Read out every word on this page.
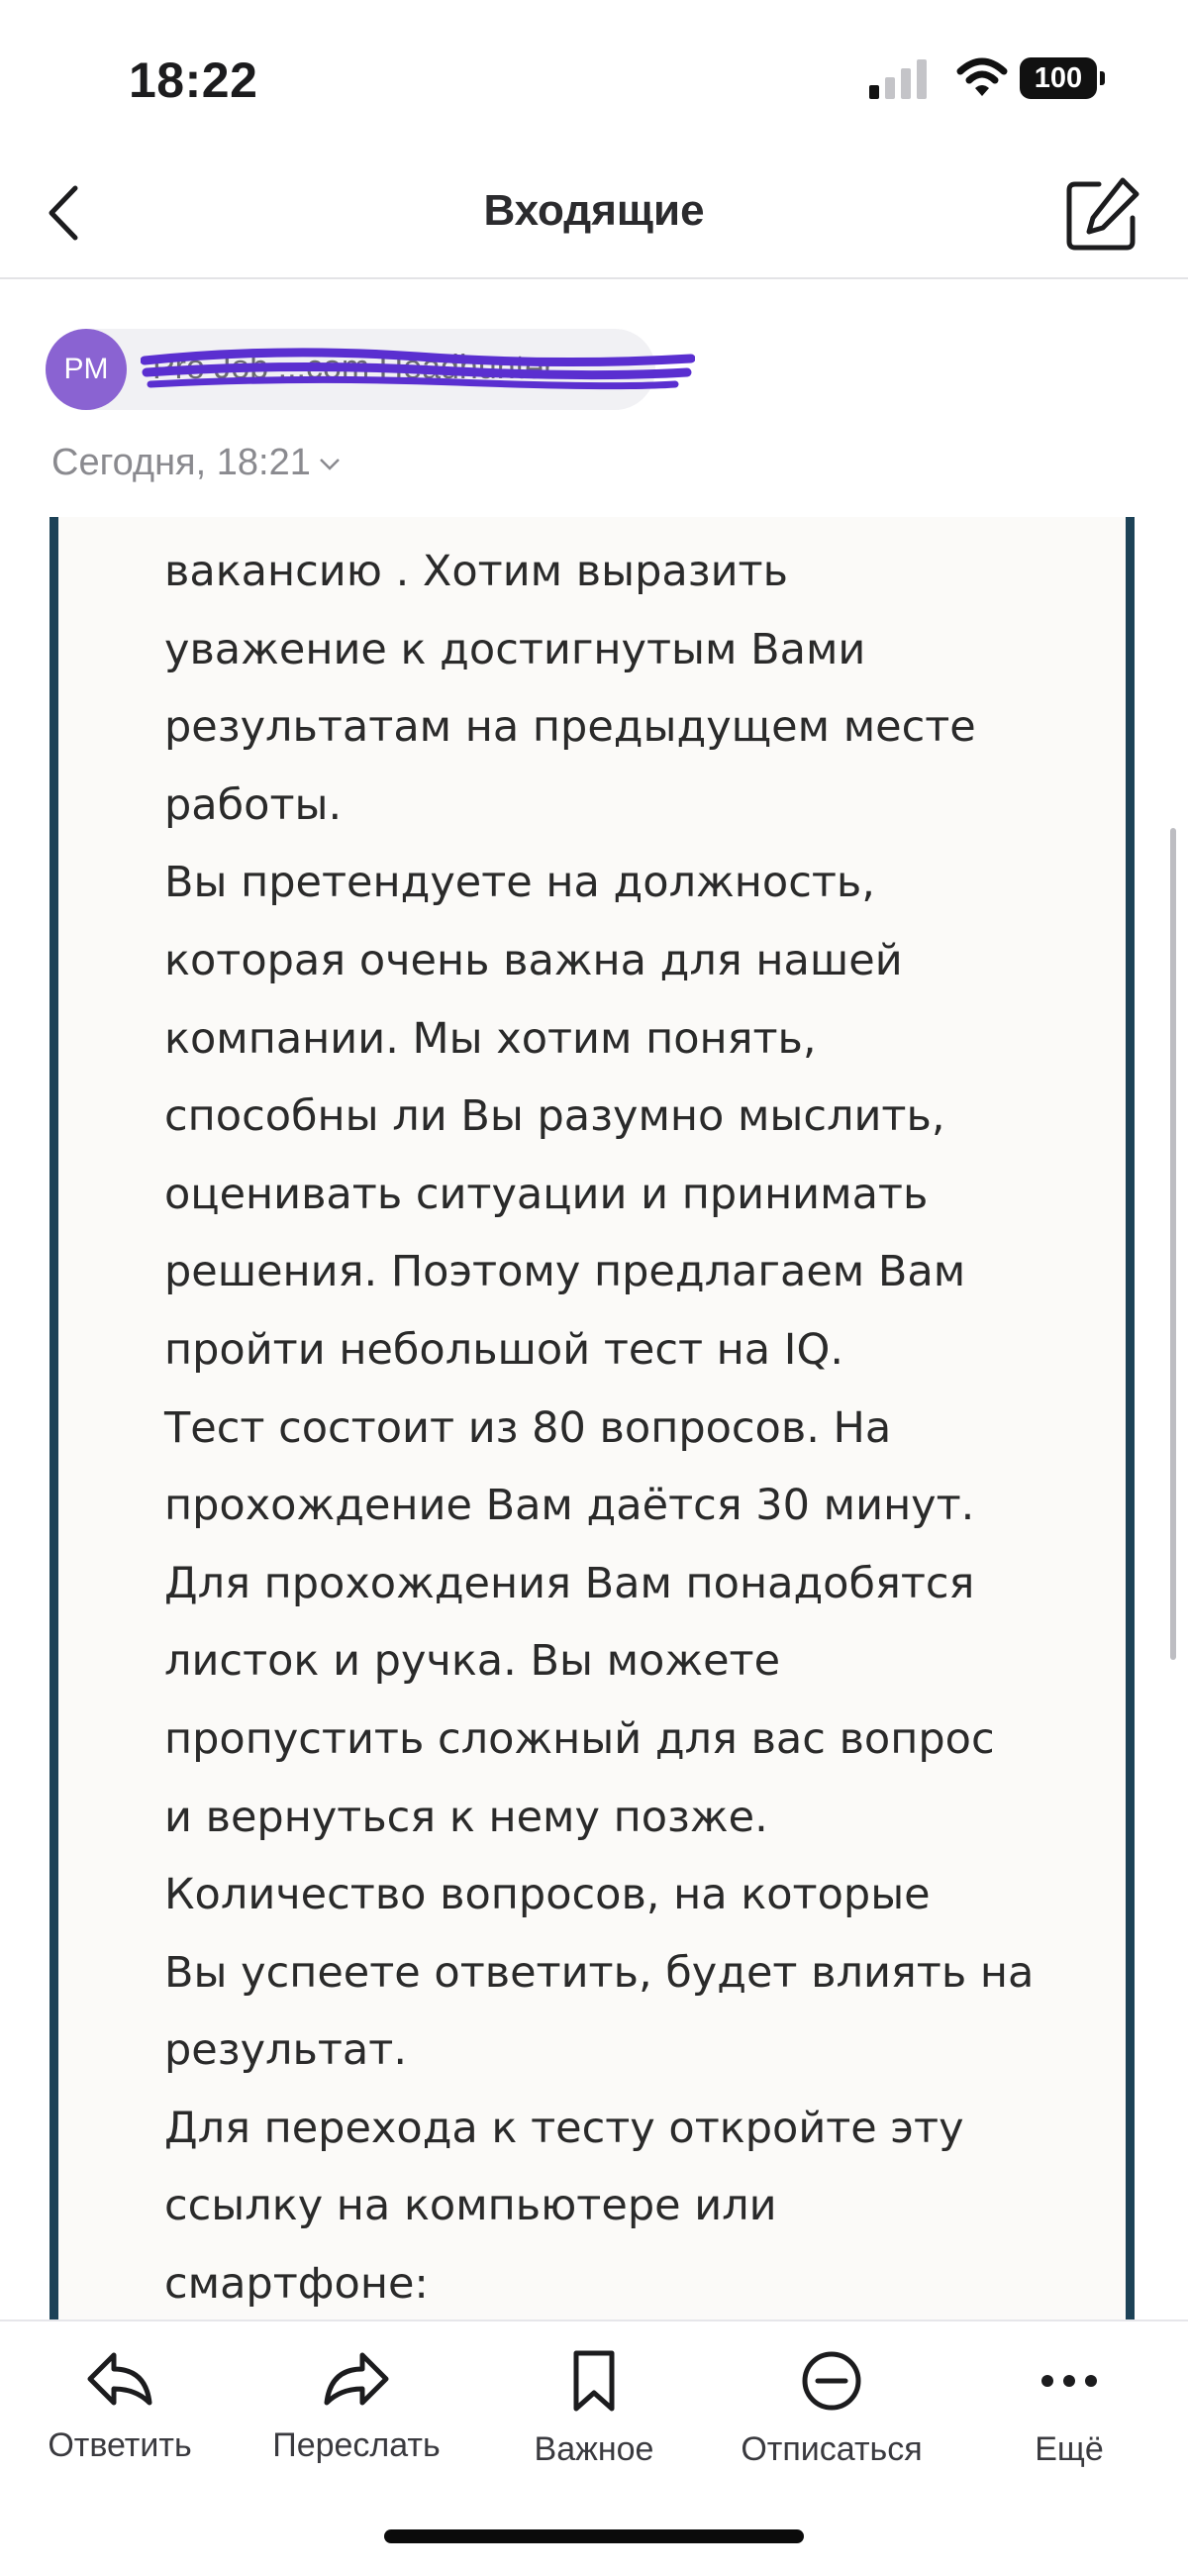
18:22	100
Входящие
PM	Pro Job ...com Headhunter
Сегодня, 18:21
вакансию . Хотим выразить
уважение к достигнутым Вами
результатам на предыдущем месте
работы.
Вы претендуете на должность,
которая очень важна для нашей
компании. Мы хотим понять,
способны ли Вы разумно мыслить,
оценивать ситуации и принимать
решения. Поэтому предлагаем Вам
пройти небольшой тест на IQ.
Тест состоит из 80 вопросов. На
прохождение Вам даётся 30 минут.
Для прохождения Вам понадобятся
листок и ручка. Вы можете
пропустить сложный для вас вопрос
и вернуться к нему позже.
Количество вопросов, на которые
Вы успеете ответить, будет влиять на
результат.
Для перехода к тесту откройте эту
ссылку на компьютере или
смартфоне:
Ответить	Переслать	Важное	Отписаться	Ещё
